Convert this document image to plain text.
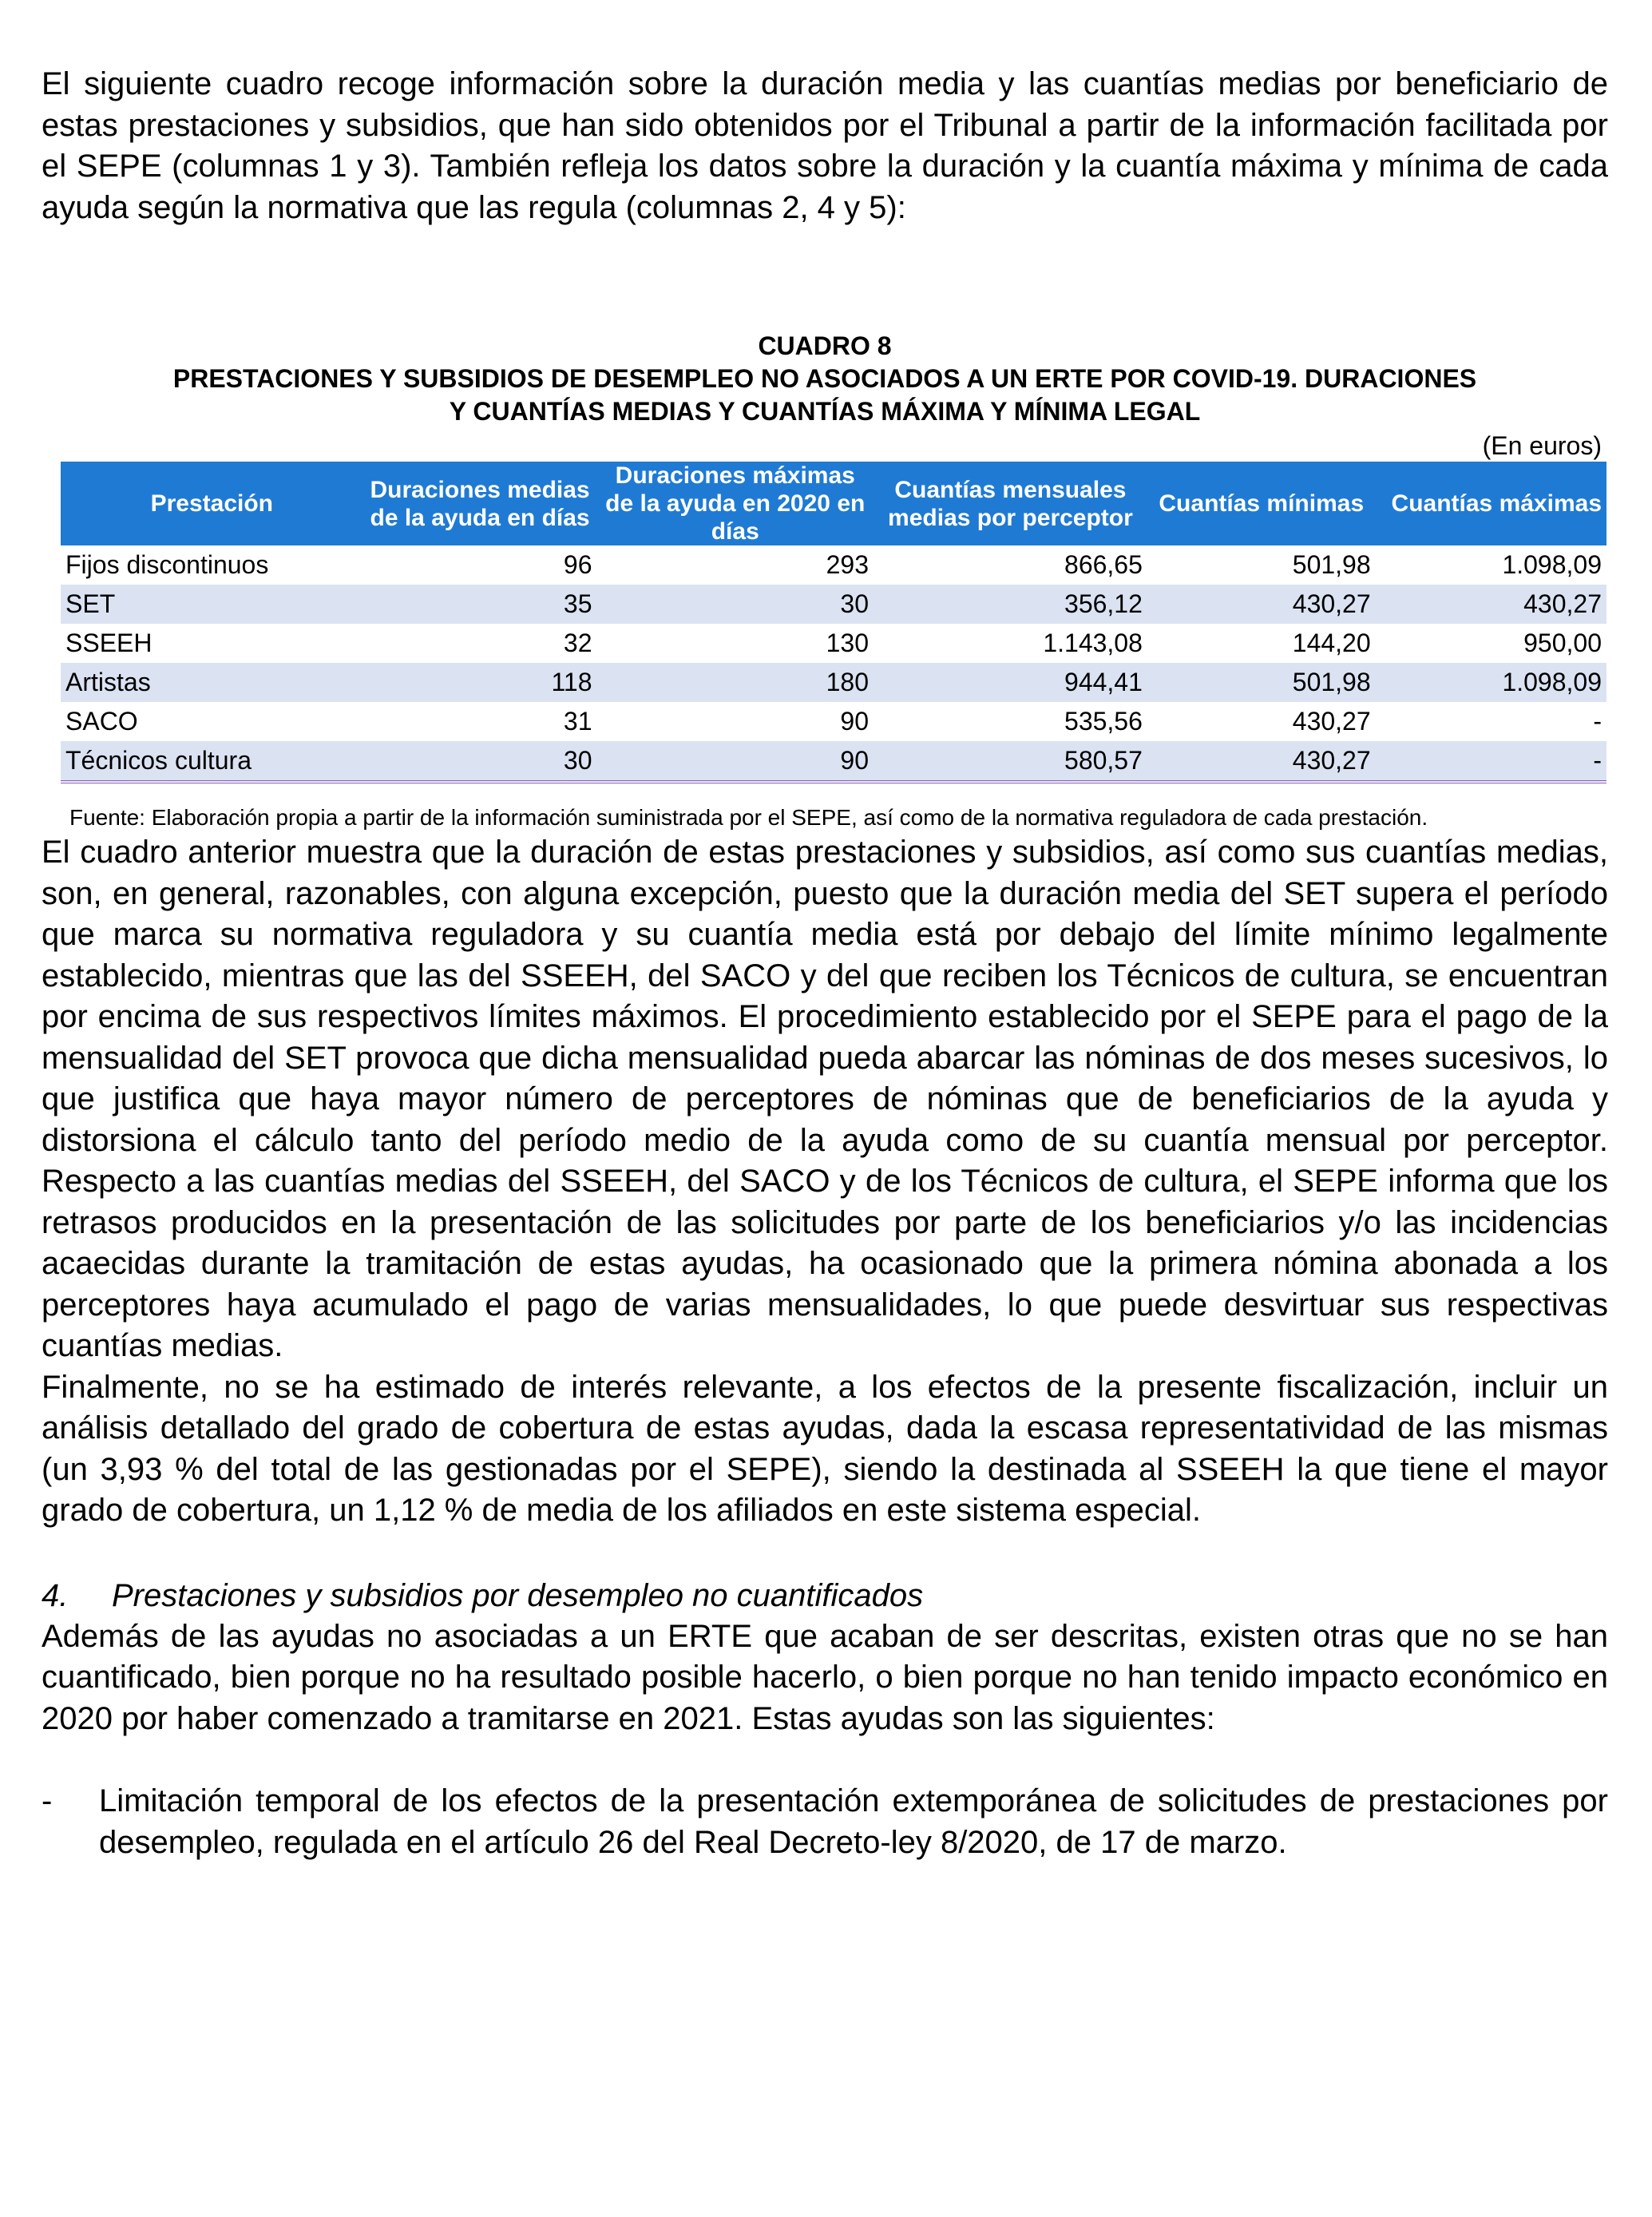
El siguiente cuadro recoge información sobre la duración media y las cuantías medias por beneficiario de estas prestaciones y subsidios, que han sido obtenidos por el Tribunal a partir de la información facilitada por el SEPE (columnas 1 y 3). También refleja los datos sobre la duración y la cuantía máxima y mínima de cada ayuda según la normativa que las regula (columnas 2, 4 y 5):

CUADRO 8
PRESTACIONES Y SUBSIDIOS DE DESEMPLEO NO ASOCIADOS A UN ERTE POR COVID-19. DURACIONES
Y CUANTÍAS MEDIAS Y CUANTÍAS MÁXIMA Y MÍNIMA LEGAL
(En euros)
Prestación	Duraciones medias de la ayuda en días	Duraciones máximas de la ayuda en 2020 en días	Cuantías mensuales medias por perceptor	Cuantías mínimas	Cuantías máximas
Fijos discontinuos	96	293	866,65	501,98	1.098,09
SET	35	30	356,12	430,27	430,27
SSEEH	32	130	1.143,08	144,20	950,00
Artistas	118	180	944,41	501,98	1.098,09
SACO	31	90	535,56	430,27	-
Técnicos cultura	30	90	580,57	430,27	-
Fuente: Elaboración propia a partir de la información suministrada por el SEPE, así como de la normativa reguladora de cada prestación.

El cuadro anterior muestra que la duración de estas prestaciones y subsidios, así como sus cuantías medias, son, en general, razonables, con alguna excepción, puesto que la duración media del SET supera el período que marca su normativa reguladora y su cuantía media está por debajo del límite mínimo legalmente establecido, mientras que las del SSEEH, del SACO y del que reciben los Técnicos de cultura, se encuentran por encima de sus respectivos límites máximos. El procedimiento establecido por el SEPE para el pago de la mensualidad del SET provoca que dicha mensualidad pueda abarcar las nóminas de dos meses sucesivos, lo que justifica que haya mayor número de perceptores de nóminas que de beneficiarios de la ayuda y distorsiona el cálculo tanto del período medio de la ayuda como de su cuantía mensual por perceptor. Respecto a las cuantías medias del SSEEH, del SACO y de los Técnicos de cultura, el SEPE informa que los retrasos producidos en la presentación de las solicitudes por parte de los beneficiarios y/o las incidencias acaecidas durante la tramitación de estas ayudas, ha ocasionado que la primera nómina abonada a los perceptores haya acumulado el pago de varias mensualidades, lo que puede desvirtuar sus respectivas cuantías medias.

Finalmente, no se ha estimado de interés relevante, a los efectos de la presente fiscalización, incluir un análisis detallado del grado de cobertura de estas ayudas, dada la escasa representatividad de las mismas (un 3,93 % del total de las gestionadas por el SEPE), siendo la destinada al SSEEH la que tiene el mayor grado de cobertura, un 1,12 % de media de los afiliados en este sistema especial.

4.	Prestaciones y subsidios por desempleo no cuantificados

Además de las ayudas no asociadas a un ERTE que acaban de ser descritas, existen otras que no se han cuantificado, bien porque no ha resultado posible hacerlo, o bien porque no han tenido impacto económico en 2020 por haber comenzado a tramitarse en 2021. Estas ayudas son las siguientes:

-	Limitación temporal de los efectos de la presentación extemporánea de solicitudes de prestaciones por desempleo, regulada en el artículo 26 del Real Decreto-ley 8/2020, de 17 de marzo.
